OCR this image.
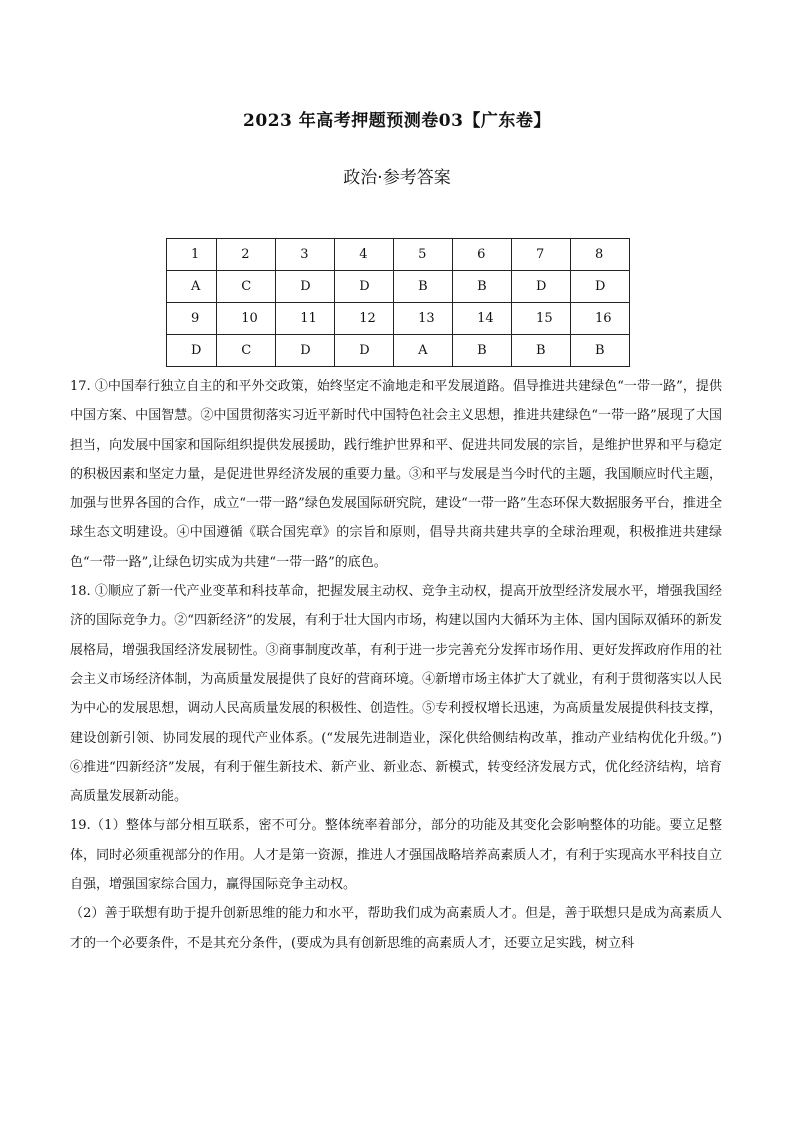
2023 年高考押题预测卷03【广东卷】
政治·参考答案
1	2	3	4	5	6	7	8
A	C	D	D	B	B	D	D
9	10	11	12	13	14	15	16
D	C	D	D	A	B	B	B

17. ①中国奉行独立自主的和平外交政策，始终坚定不渝地走和平发展道路。倡导推进共建绿色“一带一路”，提供中国方案、中国智慧。②中国贯彻落实习近平新时代中国特色社会主义思想，推进共建绿色“一带一路”展现了大国担当，向发展中国家和国际组织提供发展援助，践行维护世界和平、促进共同发展的宗旨，是维护世界和平与稳定的积极因素和坚定力量，是促进世界经济发展的重要力量。③和平与发展是当今时代的主题，我国顺应时代主题，加强与世界各国的合作，成立“一带一路”绿色发展国际研究院，建设“一带一路”生态环保大数据服务平台，推进全球生态文明建设。④中国遵循《联合国宪章》的宗旨和原则，倡导共商共建共享的全球治理观，积极推进共建绿色“一带一路”,让绿色切实成为共建“一带一路”的底色。

18. ①顺应了新一代产业变革和科技革命，把握发展主动权、竞争主动权，提高开放型经济发展水平，增强我国经济的国际竞争力。②“四新经济”的发展，有利于壮大国内市场，构建以国内大循环为主体、国内国际双循环的新发展格局，增强我国经济发展韧性。③商事制度改革，有利于进一步完善充分发挥市场作用、更好发挥政府作用的社会主义市场经济体制，为高质量发展提供了良好的营商环境。④新增市场主体扩大了就业，有利于贯彻落实以人民为中心的发展思想，调动人民高质量发展的积极性、创造性。⑤专利授权增长迅速，为高质量发展提供科技支撑，建设创新引领、协同发展的现代产业体系。(“发展先进制造业，深化供给侧结构改革，推动产业结构优化升级。”) ⑥推进“四新经济”发展，有利于催生新技术、新产业、新业态、新模式，转变经济发展方式，优化经济结构，培育高质量发展新动能。

19.（1）整体与部分相互联系，密不可分。整体统率着部分，部分的功能及其变化会影响整体的功能。要立足整体，同时必须重视部分的作用。人才是第一资源，推进人才强国战略培养高素质人才，有利于实现高水平科技自立自强，增强国家综合国力，赢得国际竞争主动权。

（2）善于联想有助于提升创新思维的能力和水平，帮助我们成为高素质人才。但是，善于联想只是成为高素质人才的一个必要条件，不是其充分条件，(要成为具有创新思维的高素质人才，还要立足实践，树立科
